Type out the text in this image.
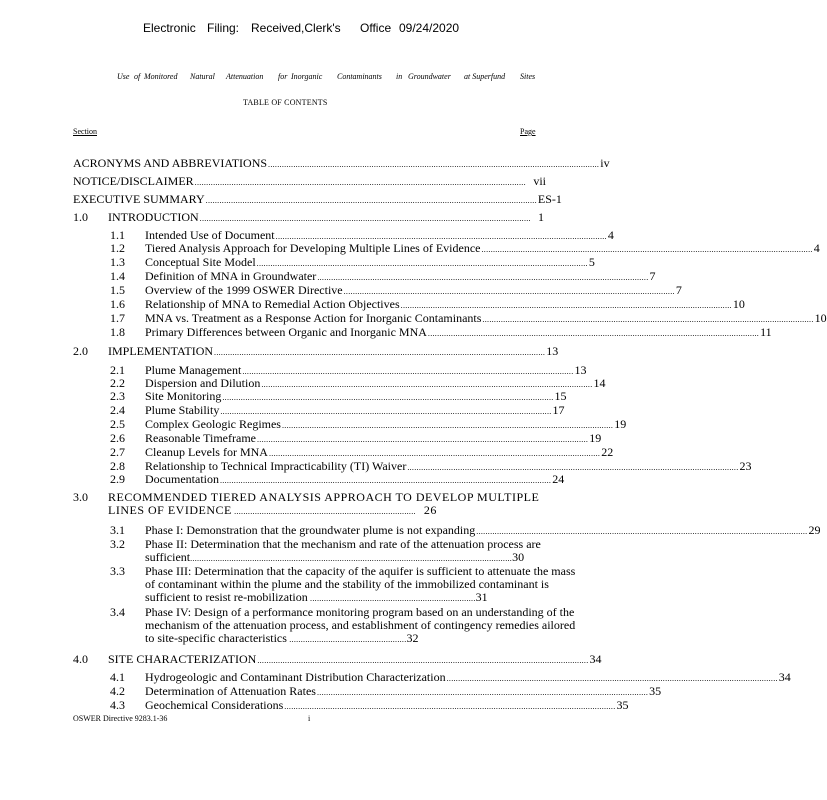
Electronic Filing: Received,Clerk's Office 09/24/2020
Use of Monitored Natural Attenuation for Inorganic Contaminants in Groundwater at Superfund Sites
TABLE OF CONTENTS
Section	Page
ACRONYMS AND ABBREVIATIONS ................................................................................................................................................ iv
NOTICE/DISCLAIMER ................................................................................................................................................ vii
EXECUTIVE SUMMARY ................................................................................................................................................ ES-1
1.0 INTRODUCTION ................................................................................................................................................ 1
1.1 Intended Use of Document ................................................................................................................................................ 4
1.2 Tiered Analysis Approach for Developing Multiple Lines of Evidence ................................................................................................................................................ 4
1.3 Conceptual Site Model ................................................................................................................................................ 5
1.4 Definition of MNA in Groundwater ................................................................................................................................................ 7
1.5 Overview of the 1999 OSWER Directive ................................................................................................................................................ 7
1.6 Relationship of MNA to Remedial Action Objectives ................................................................................................................................................ 10
1.7 MNA vs. Treatment as a Response Action for Inorganic Contaminants ................................................................................................................................................ 10
1.8 Primary Differences between Organic and Inorganic MNA ................................................................................................................................................ 11
2.0 IMPLEMENTATION ................................................................................................................................................ 13
2.1 Plume Management ................................................................................................................................................ 13
2.2 Dispersion and Dilution ................................................................................................................................................ 14
2.3 Site Monitoring ................................................................................................................................................ 15
2.4 Plume Stability ................................................................................................................................................ 17
2.5 Complex Geologic Regimes ................................................................................................................................................ 19
2.6 Reasonable Timeframe ................................................................................................................................................ 19
2.7 Cleanup Levels for MNA ................................................................................................................................................ 22
2.8 Relationship to Technical Impracticability (TI) Waiver ................................................................................................................................................ 23
2.9 Documentation ................................................................................................................................................ 24
3.0 RECOMMENDED TIERED ANALYSIS APPROACH TO DEVELOP MULTIPLE LINES OF EVIDENCE ............................................................................... 26
3.1 Phase I: Demonstration that the groundwater plume is not expanding ................................................................................................................................................ 29
3.2 Phase II: Determination that the mechanism and rate of the attenuation process are sufficient............................................................................................................................................30
3.3 Phase III: Determination that the capacity of the aquifer is sufficient to attenuate the mass of contaminant within the plume and the stability of the immobilized contaminant is sufficient to resist re-mobilization ........................................................................31
3.4 Phase IV: Design of a performance monitoring program based on an understanding of the mechanism of the attenuation process, and establishment of contingency remedies ailored to site-specific characteristics ...................................................32
4.0 SITE CHARACTERIZATION ................................................................................................................................................ 34
4.1 Hydrogeologic and Contaminant Distribution Characterization ................................................................................................................................................ 34
4.2 Determination of Attenuation Rates ................................................................................................................................................ 35
4.3 Geochemical Considerations ................................................................................................................................................ 35
OSWER Directive 9283.1-36	i
